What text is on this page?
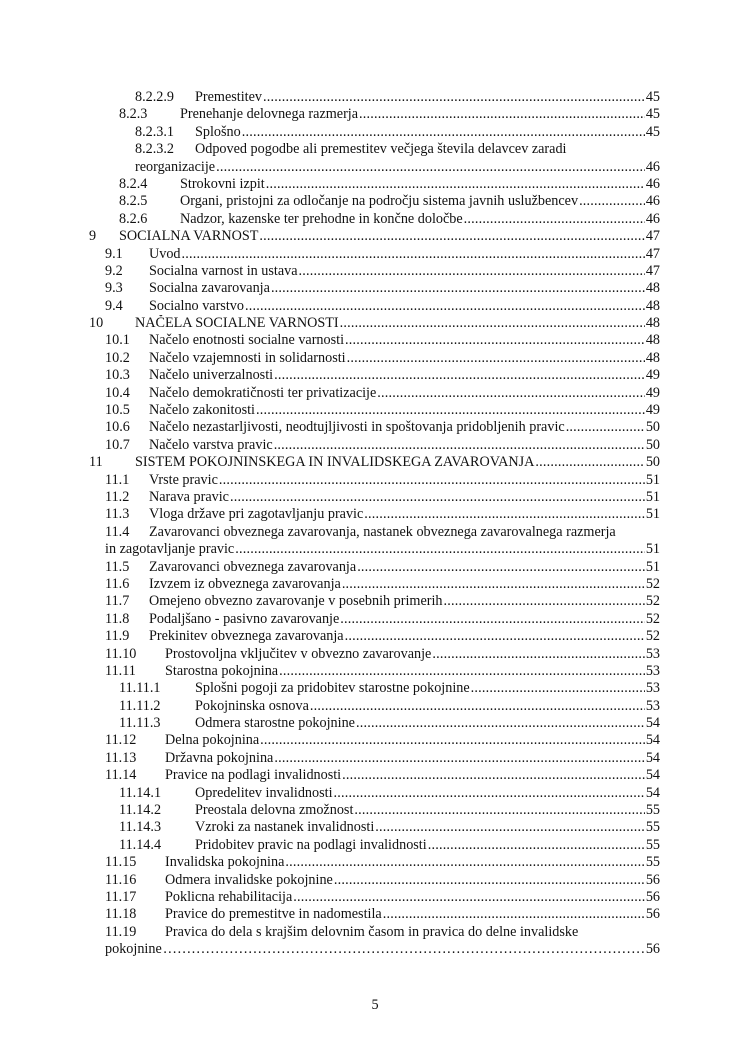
8.2.2.9 Premestitev .....	45
8.2.3 Prenehanje delovnega razmerja .....	45
8.2.3.1 Splošno .....	45
8.2.3.2 Odpoved pogodbe ali premestitev večjega števila delavcev zaradi
reorganizacije .....	46
8.2.4 Strokovni izpit .....	46
8.2.5 Organi, pristojni za odločanje na področju sistema javnih uslužbencev .....	46
8.2.6 Nadzor, kazenske ter prehodne in končne določbe .....	46
9 SOCIALNA VARNOST .....	47
9.1 Uvod .....	47
9.2 Socialna varnost in ustava .....	47
9.3 Socialna zavarovanja .....	48
9.4 Socialno varstvo .....	48
10 NAČELA SOCIALNE VARNOSTI .....	48
10.1 Načelo enotnosti socialne varnosti .....	48
10.2 Načelo vzajemnosti in solidarnosti .....	48
10.3 Načelo univerzalnosti .....	49
10.4 Načelo demokratičnosti ter privatizacije .....	49
10.5 Načelo zakonitosti .....	49
10.6 Načelo nezastarljivosti, neodtujljivosti in spoštovanja pridobljenih pravic .....	50
10.7 Načelo varstva pravic .....	50
11 SISTEM POKOJNINSKEGA IN INVALIDSKEGA ZAVAROVANJA .....	50
11.1 Vrste pravic .....	51
11.2 Narava pravic .....	51
11.3 Vloga države pri zagotavljanju pravic .....	51
11.4 Zavarovanci obveznega zavarovanja, nastanek obveznega zavarovalnega razmerja
in zagotavljanje pravic .....	51
11.5 Zavarovanci obveznega zavarovanja .....	51
11.6 Izvzem iz obveznega zavarovanja .....	52
11.7 Omejeno obvezno zavarovanje v posebnih primerih .....	52
11.8 Podaljšano - pasivno zavarovanje .....	52
11.9 Prekinitev obveznega zavarovanja .....	52
11.10 Prostovoljna vključitev v obvezno zavarovanje .....	53
11.11 Starostna pokojnina .....	53
11.11.1 Splošni pogoji za pridobitev starostne pokojnine .....	53
11.11.2 Pokojninska osnova .....	53
11.11.3 Odmera starostne pokojnine .....	54
11.12 Delna pokojnina .....	54
11.13 Državna pokojnina .....	54
11.14 Pravice na podlagi invalidnosti .....	54
11.14.1 Opredelitev invalidnosti .....	54
11.14.2 Preostala delovna zmožnost .....	55
11.14.3 Vzroki za nastanek invalidnosti .....	55
11.14.4 Pridobitev pravic na podlagi invalidnosti .....	55
11.15 Invalidska pokojnina .....	55
11.16 Odmera invalidske pokojnine .....	56
11.17 Poklicna rehabilitacija .....	56
11.18 Pravice do premestitve in nadomestila .....	56
11.19 Pravica do dela s krajšim delovnim časom in pravica do delne invalidske
pokojnine ……………………………………………………………………………………………………………………………………………………	56
5
